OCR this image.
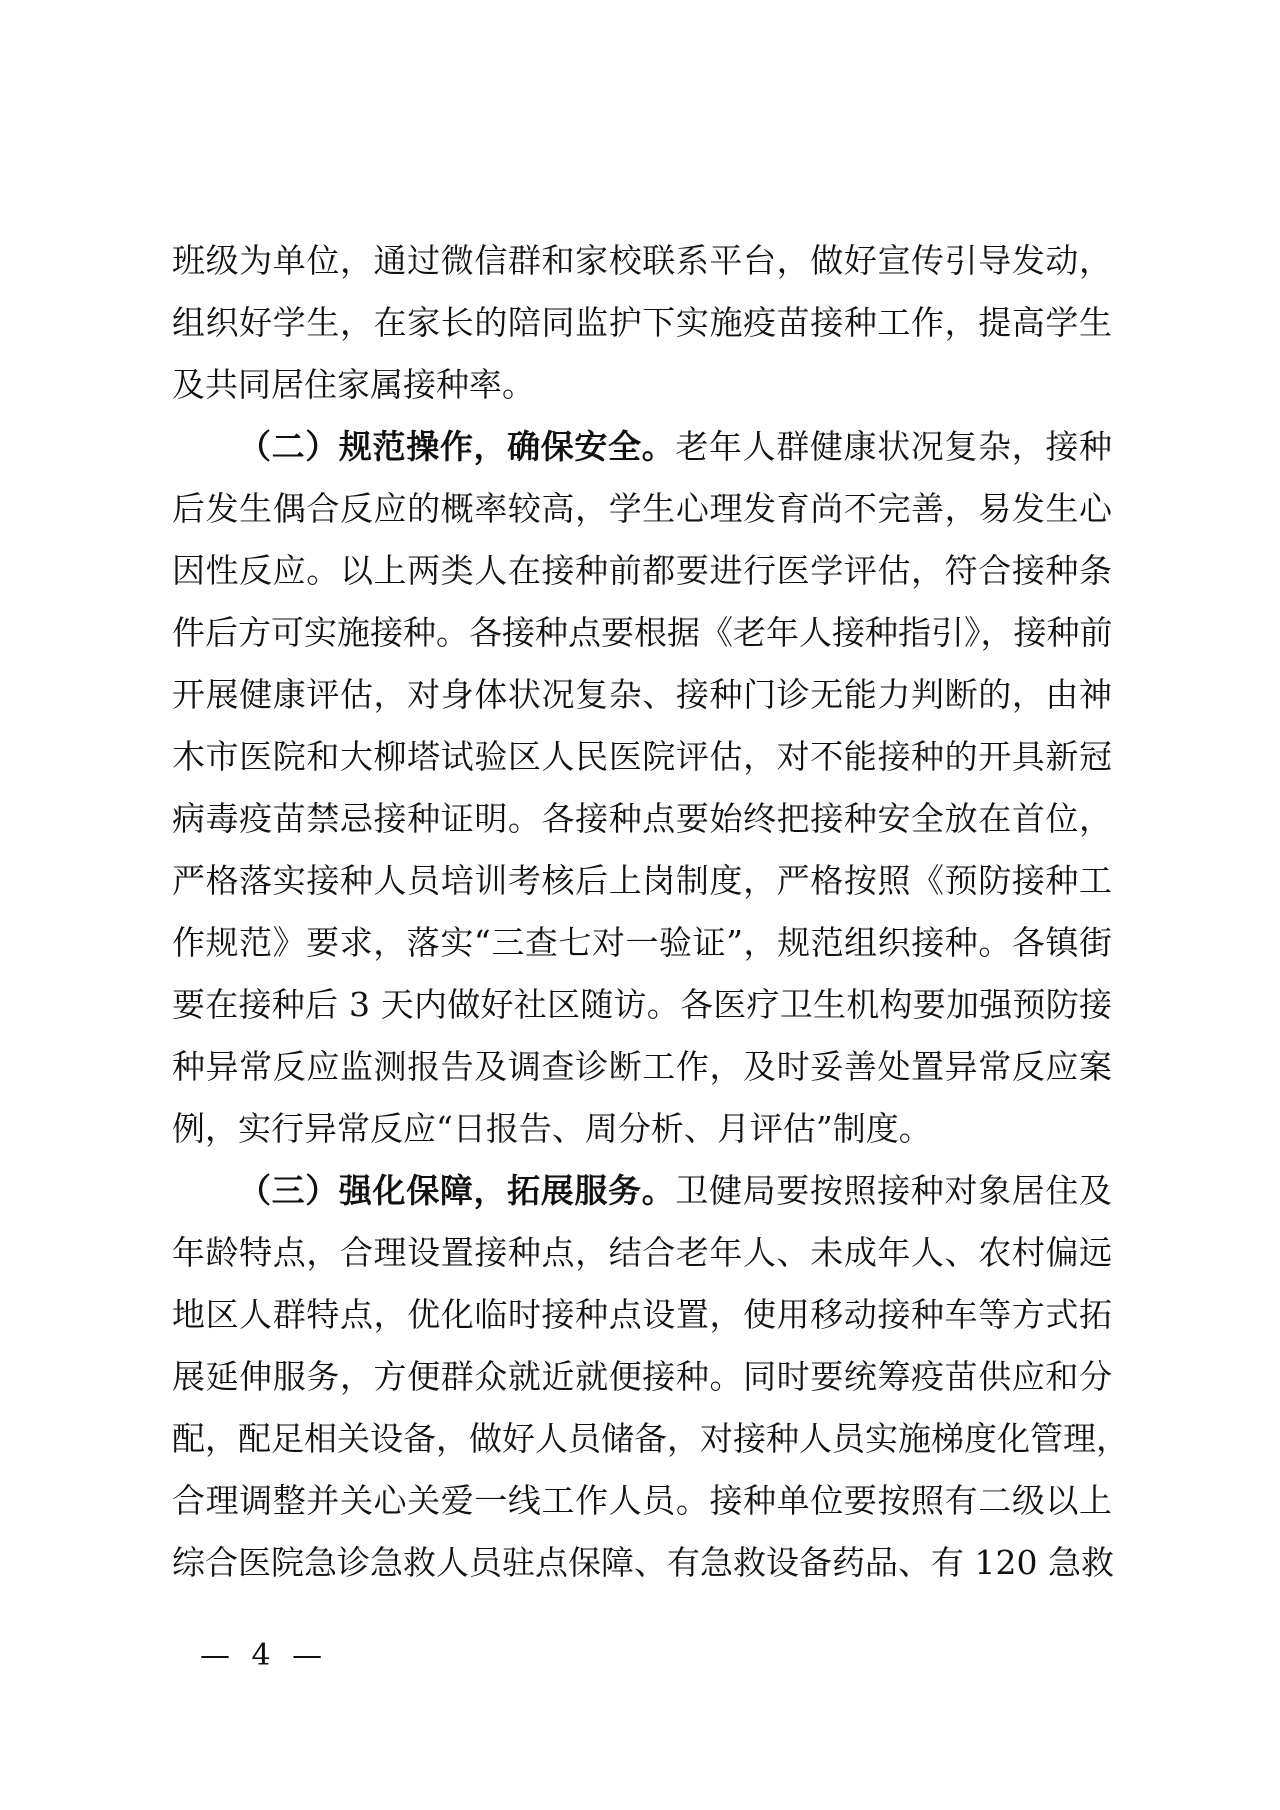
班级为单位，通过微信群和家校联系平台，做好宣传引导发动，
组织好学生，在家长的陪同监护下实施疫苗接种工作，提高学生
及共同居住家属接种率。
（二）规范操作，确保安全。老年人群健康状况复杂，接种
后发生偶合反应的概率较高，学生心理发育尚不完善，易发生心
因性反应。以上两类人在接种前都要进行医学评估，符合接种条
件后方可实施接种。各接种点要根据《老年人接种指引》，接种前
开展健康评估，对身体状况复杂、接种门诊无能力判断的，由神
木市医院和大柳塔试验区人民医院评估，对不能接种的开具新冠
病毒疫苗禁忌接种证明。各接种点要始终把接种安全放在首位，
严格落实接种人员培训考核后上岗制度，严格按照《预防接种工
作规范》要求，落实“三查七对一验证”，规范组织接种。各镇街
要在接种后 3 天内做好社区随访。各医疗卫生机构要加强预防接
种异常反应监测报告及调查诊断工作，及时妥善处置异常反应案
例，实行异常反应“日报告、周分析、月评估”制度。
（三）强化保障，拓展服务。卫健局要按照接种对象居住及
年龄特点，合理设置接种点，结合老年人、未成年人、农村偏远
地区人群特点，优化临时接种点设置，使用移动接种车等方式拓
展延伸服务，方便群众就近就便接种。同时要统筹疫苗供应和分
配，配足相关设备，做好人员储备，对接种人员实施梯度化管理，
合理调整并关心关爱一线工作人员。接种单位要按照有二级以上
综合医院急诊急救人员驻点保障、有急救设备药品、有 120 急救
— 4 —
